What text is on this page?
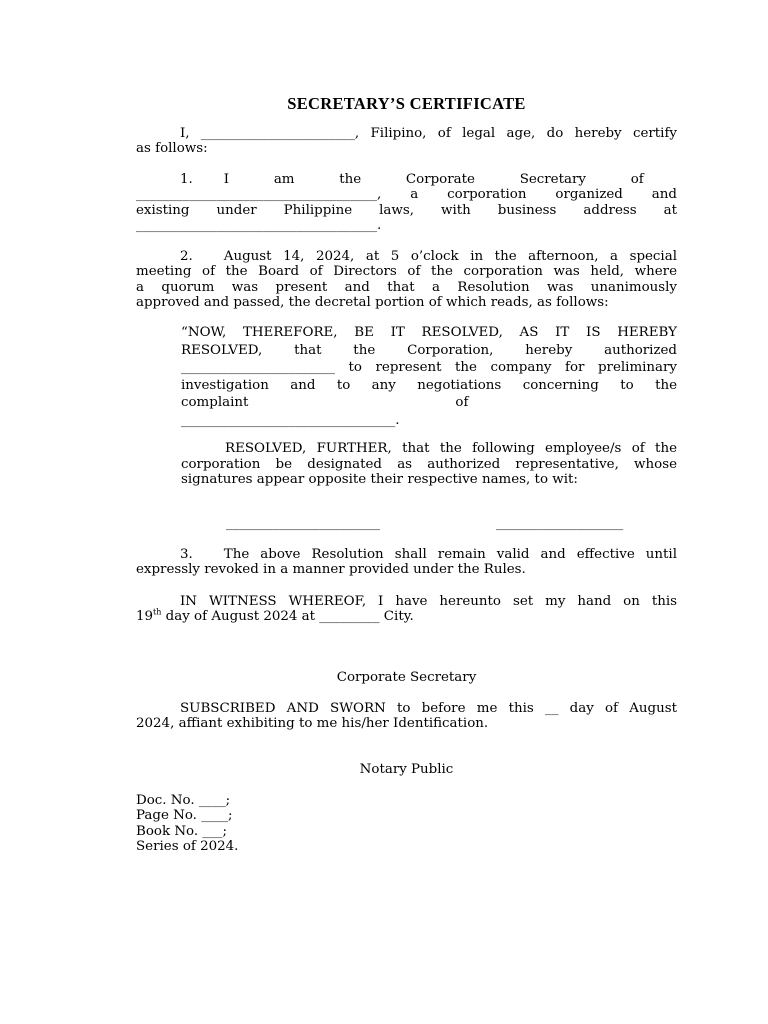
SECRETARY’S CERTIFICATE
I, _______________________, Filipino, of legal age, do hereby certify
as follows:
1. I	am	the	Corporate	Secretary	of
____________________________________, a corporation organized and
existing under Philippine laws, with business address at
____________________________________.
2. August 14, 2024, at 5 o’clock in the afternoon, a special
meeting of the Board of Directors of the corporation was held, where
a quorum was present and that a Resolution was unanimously
approved and passed, the decretal portion of which reads, as follows:
“NOW, THEREFORE, BE IT RESOLVED, AS IT IS HEREBY
RESOLVED, that the Corporation, hereby authorized
_______________________ to represent the company for preliminary
investigation and to any negotiations concerning to the
complaint	of
________________________________.
RESOLVED, FURTHER, that the following employee/s of the
corporation be designated as authorized representative, whose
signatures appear opposite their respective names, to wit:
_______________________	___________________
3. The above Resolution shall remain valid and effective until
expressly revoked in a manner provided under the Rules.
IN WITNESS WHEREOF, I have hereunto set my hand on this
19th day of August 2024 at _________ City.
Corporate Secretary
SUBSCRIBED AND SWORN to before me this __ day of August
2024, affiant exhibiting to me his/her Identification.
Notary Public
Doc. No. ____;
Page No. ____;
Book No. ___;
Series of 2024.
